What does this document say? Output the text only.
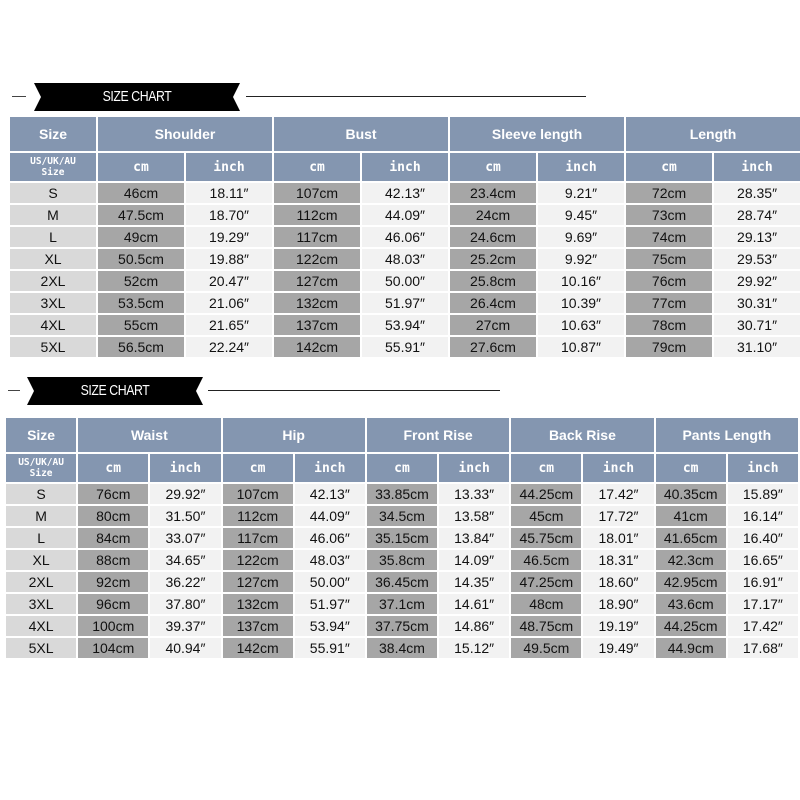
SIZE CHART
Size	Shoulder		Bust		Sleeve length		Length	

US/UK/AU
Size	cm	inch	cm	inch	cm	inch	cm	inch
S	46cm	18.11″	107cm	42.13″	23.4cm	9.21″	72cm	28.35″
M	47.5cm	18.70″	112cm	44.09″	24cm	9.45″	73cm	28.74″
L	49cm	19.29″	117cm	46.06″	24.6cm	9.69″	74cm	29.13″
XL	50.5cm	19.88″	122cm	48.03″	25.2cm	9.92″	75cm	29.53″
2XL	52cm	20.47″	127cm	50.00″	25.8cm	10.16″	76cm	29.92″
3XL	53.5cm	21.06″	132cm	51.97″	26.4cm	10.39″	77cm	30.31″
4XL	55cm	21.65″	137cm	53.94″	27cm	10.63″	78cm	30.71″
5XL	56.5cm	22.24″	142cm	55.91″	27.6cm	10.87″	79cm	31.10″
SIZE CHART
Size	Waist		Hip		Front Rise		Back Rise		Pants Length	

US/UK/AU
Size	cm	inch	cm	inch	cm	inch	cm	inch	cm	inch
S	76cm	29.92″	107cm	42.13″	33.85cm	13.33″	44.25cm	17.42″	40.35cm	15.89″
M	80cm	31.50″	112cm	44.09″	34.5cm	13.58″	45cm	17.72″	41cm	16.14″
L	84cm	33.07″	117cm	46.06″	35.15cm	13.84″	45.75cm	18.01″	41.65cm	16.40″
XL	88cm	34.65″	122cm	48.03″	35.8cm	14.09″	46.5cm	18.31″	42.3cm	16.65″
2XL	92cm	36.22″	127cm	50.00″	36.45cm	14.35″	47.25cm	18.60″	42.95cm	16.91″
3XL	96cm	37.80″	132cm	51.97″	37.1cm	14.61″	48cm	18.90″	43.6cm	17.17″
4XL	100cm	39.37″	137cm	53.94″	37.75cm	14.86″	48.75cm	19.19″	44.25cm	17.42″
5XL	104cm	40.94″	142cm	55.91″	38.4cm	15.12″	49.5cm	19.49″	44.9cm	17.68″
